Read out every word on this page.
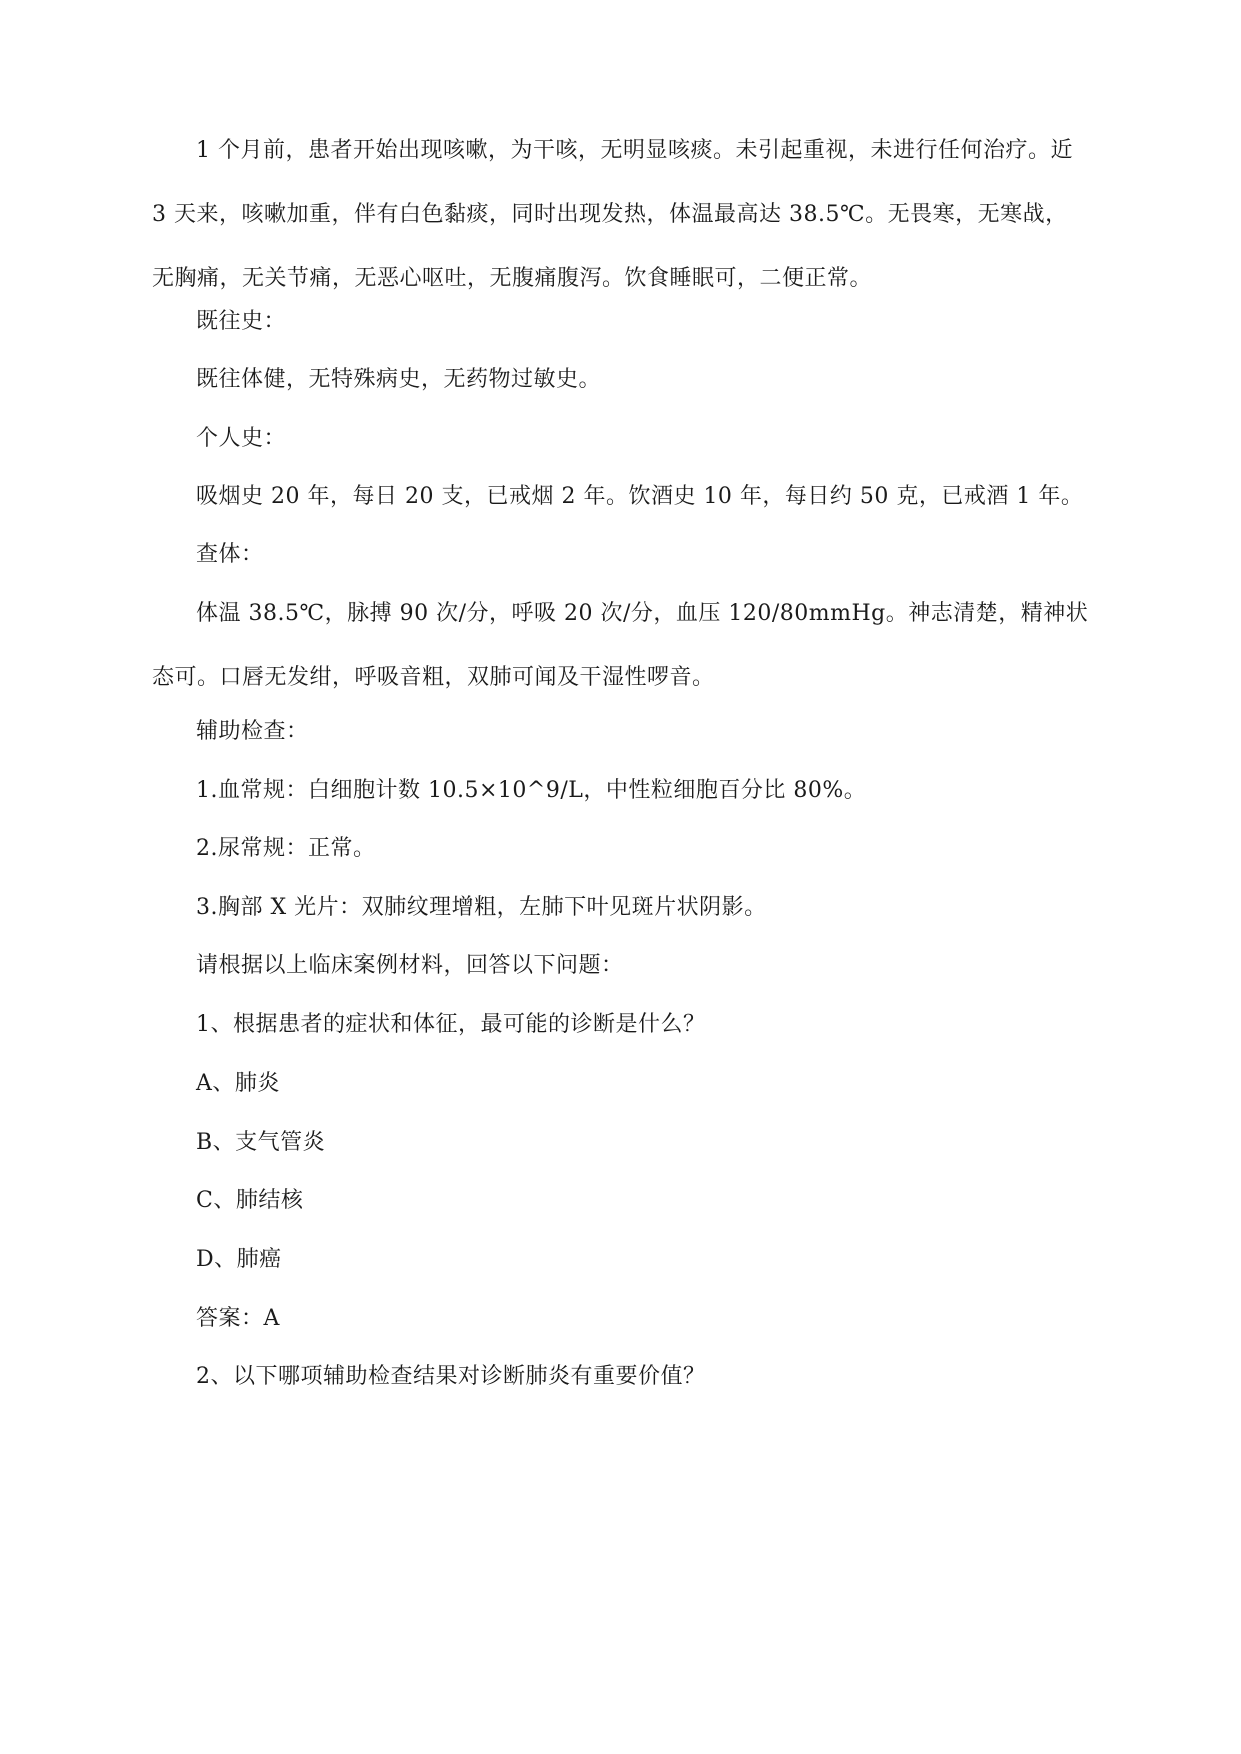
1 个月前，患者开始出现咳嗽，为干咳，无明显咳痰。未引起重视，未进行任何治疗。近 3 天来，咳嗽加重，伴有白色黏痰，同时出现发热，体温最高达 38.5℃。无畏寒，无寒战，无胸痛，无关节痛，无恶心呕吐，无腹痛腹泻。饮食睡眠可，二便正常。

既往史：

既往体健，无特殊病史，无药物过敏史。

个人史：

吸烟史 20 年，每日 20 支，已戒烟 2 年。饮酒史 10 年，每日约 50 克，已戒酒 1 年。

查体：

体温 38.5℃，脉搏 90 次/分，呼吸 20 次/分，血压 120/80mmHg。神志清楚，精神状态可。口唇无发绀，呼吸音粗，双肺可闻及干湿性啰音。

辅助检查：

1.血常规：白细胞计数 10.5×10^9/L，中性粒细胞百分比 80%。

2.尿常规：正常。

3.胸部 X 光片：双肺纹理增粗，左肺下叶见斑片状阴影。

请根据以上临床案例材料，回答以下问题：

1、根据患者的症状和体征，最可能的诊断是什么？

A、肺炎

B、支气管炎

C、肺结核

D、肺癌

答案：A

2、以下哪项辅助检查结果对诊断肺炎有重要价值？
